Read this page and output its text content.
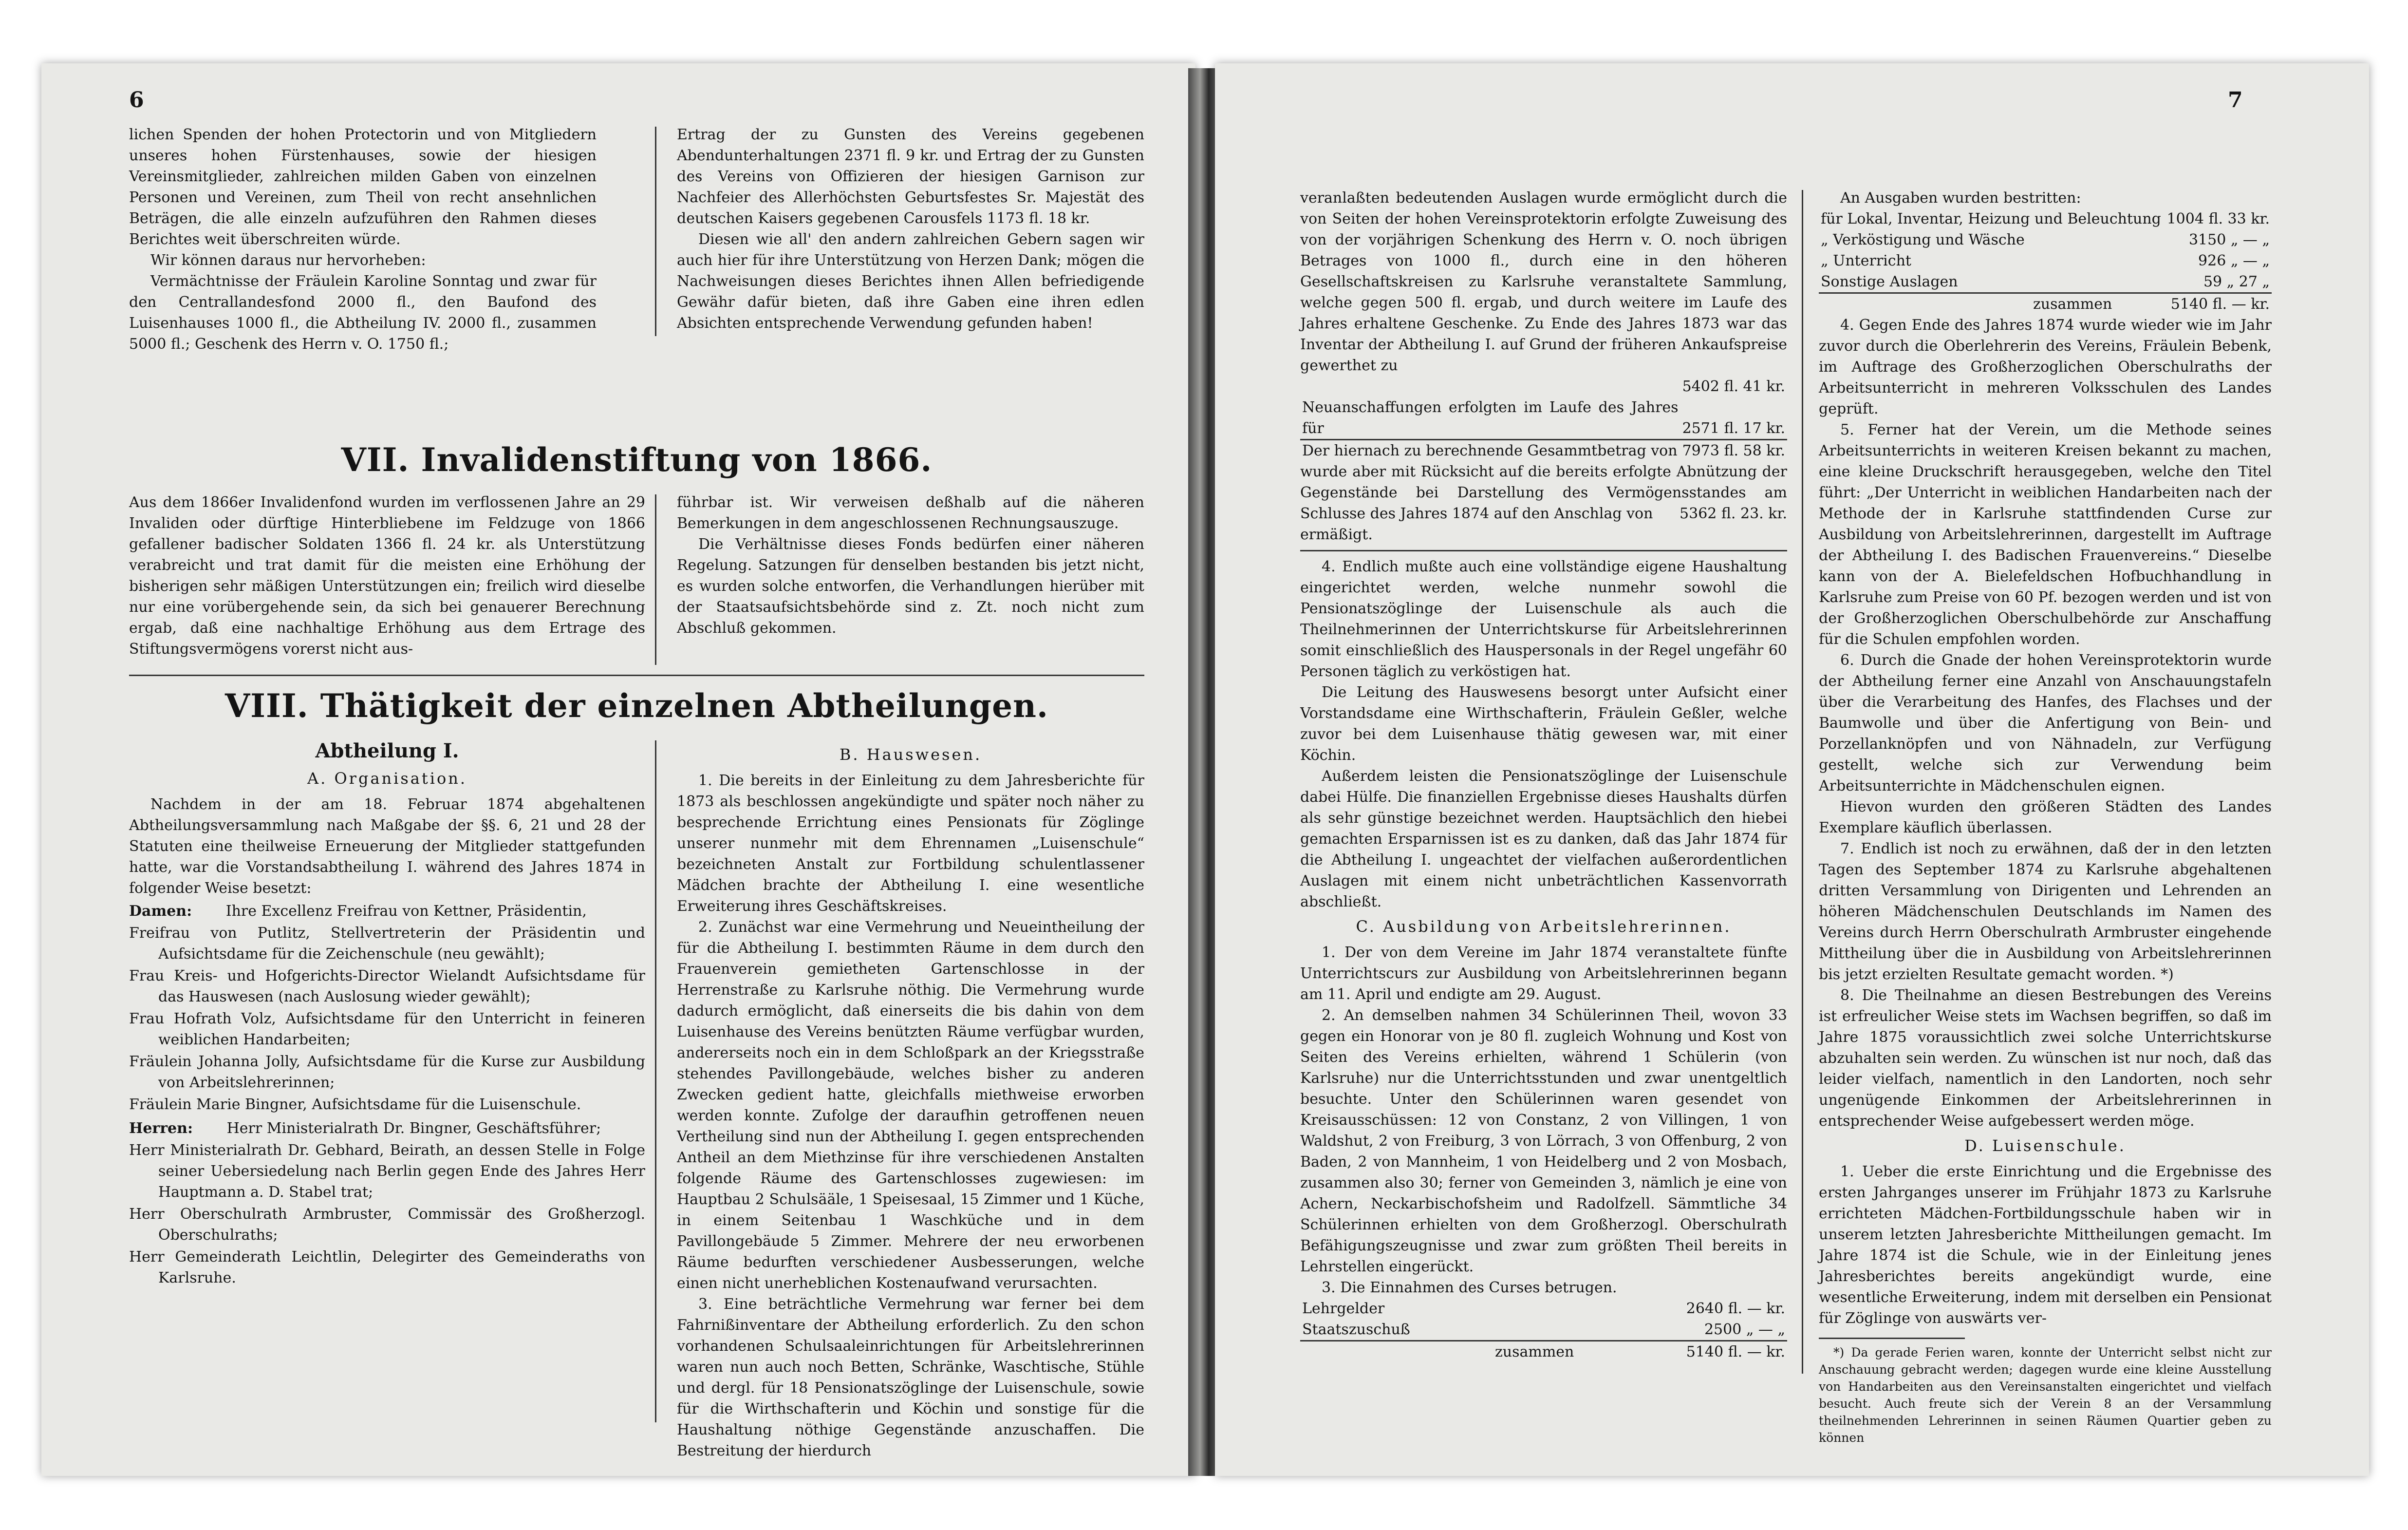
6

lichen Spenden der hohen Protectorin und von Mitgliedern unseres hohen Fürstenhauses, sowie der hiesigen Vereinsmitglieder, zahlreichen milden Gaben von einzelnen Personen und Vereinen, zum Theil von recht ansehnlichen Beträgen, die alle einzeln aufzuführen den Rahmen dieses Berichtes weit überschreiten würde.

Wir können daraus nur hervorheben:

Vermächtnisse der Fräulein Karoline Sonntag und zwar für den Centrallandesfond 2000 fl., den Baufond des Luisenhauses 1000 fl., die Abtheilung IV. 2000 fl., zusammen 5000 fl.; Geschenk des Herrn v. O. 1750 fl.;

Ertrag der zu Gunsten des Vereins gegebenen Abendunterhaltungen 2371 fl. 9 kr. und Ertrag der zu Gunsten des Vereins von Offizieren der hiesigen Garnison zur Nachfeier des Allerhöchsten Geburtsfestes Sr. Majestät des deutschen Kaisers gegebenen Carousfels 1173 fl. 18 kr.

Diesen wie all' den andern zahlreichen Gebern sagen wir auch hier für ihre Unterstützung von Herzen Dank; mögen die Nachweisungen dieses Berichtes ihnen Allen befriedigende Gewähr dafür bieten, daß ihre Gaben eine ihren edlen Absichten entsprechende Verwendung gefunden haben!

VII. Invalidenstiftung von 1866.

Aus dem 1866er Invalidenfond wurden im verflossenen Jahre an 29 Invaliden oder dürftige Hinterbliebene im Feldzuge von 1866 gefallener badischer Soldaten 1366 fl. 24 kr. als Unterstützung verabreicht und trat damit für die meisten eine Erhöhung der bisherigen sehr mäßigen Unterstützungen ein; freilich wird dieselbe nur eine vorübergehende sein, da sich bei genauerer Berechnung ergab, daß eine nachhaltige Erhöhung aus dem Ertrage des Stiftungsvermögens vorerst nicht aus-

führbar ist. Wir verweisen deßhalb auf die näheren Bemerkungen in dem angeschlossenen Rechnungsauszuge.

Die Verhältnisse dieses Fonds bedürfen einer näheren Regelung. Satzungen für denselben bestanden bis jetzt nicht, es wurden solche entworfen, die Verhandlungen hierüber mit der Staatsaufsichtsbehörde sind z. Zt. noch nicht zum Abschluß gekommen.

VIII. Thätigkeit der einzelnen Abtheilungen.
Abtheilung I.
A. Organisation.

Nachdem in der am 18. Februar 1874 abgehaltenen Abtheilungsversammlung nach Maßgabe der §§. 6, 21 und 28 der Statuten eine theilweise Erneuerung der Mitglieder stattgefunden hatte, war die Vorstandsabtheilung I. während des Jahres 1874 in folgender Weise besetzt:

Damen: Ihre Excellenz Freifrau von Kettner, Präsidentin,
Freifrau von Putlitz, Stellvertreterin der Präsidentin und Aufsichtsdame für die Zeichenschule (neu gewählt);
Frau Kreis- und Hofgerichts-Director Wielandt Aufsichtsdame für das Hauswesen (nach Auslosung wieder gewählt);
Frau Hofrath Volz, Aufsichtsdame für den Unterricht in feineren weiblichen Handarbeiten;
Fräulein Johanna Jolly, Aufsichtsdame für die Kurse zur Ausbildung von Arbeitslehrerinnen;
Fräulein Marie Bingner, Aufsichtsdame für die Luisenschule.
Herren: Herr Ministerialrath Dr. Bingner, Geschäftsführer;
Herr Ministerialrath Dr. Gebhard, Beirath, an dessen Stelle in Folge seiner Uebersiedelung nach Berlin gegen Ende des Jahres Herr Hauptmann a. D. Stabel trat;
Herr Oberschulrath Armbruster, Commissär des Großherzogl. Oberschulraths;
Herr Gemeinderath Leichtlin, Delegirter des Gemeinderaths von Karlsruhe.
B. Hauswesen.

1. Die bereits in der Einleitung zu dem Jahresberichte für 1873 als beschlossen angekündigte und später noch näher zu besprechende Errichtung eines Pensionats für Zöglinge unserer nunmehr mit dem Ehrennamen „Luisenschule“ bezeichneten Anstalt zur Fortbildung schulentlassener Mädchen brachte der Abtheilung I. eine wesentliche Erweiterung ihres Geschäftskreises.

2. Zunächst war eine Vermehrung und Neueintheilung der für die Abtheilung I. bestimmten Räume in dem durch den Frauenverein gemietheten Gartenschlosse in der Herrenstraße zu Karlsruhe nöthig. Die Vermehrung wurde dadurch ermöglicht, daß einerseits die bis dahin von dem Luisenhause des Vereins benützten Räume verfügbar wurden, andererseits noch ein in dem Schloßpark an der Kriegsstraße stehendes Pavillongebäude, welches bisher zu anderen Zwecken gedient hatte, gleichfalls miethweise erworben werden konnte. Zufolge der daraufhin getroffenen neuen Vertheilung sind nun der Abtheilung I. gegen entsprechenden Antheil an dem Miethzinse für ihre verschiedenen Anstalten folgende Räume des Gartenschlosses zugewiesen: im Hauptbau 2 Schulsääle, 1 Speisesaal, 15 Zimmer und 1 Küche, in einem Seitenbau 1 Waschküche und in dem Pavillongebäude 5 Zimmer. Mehrere der neu erworbenen Räume bedurften verschiedener Ausbesserungen, welche einen nicht unerheblichen Kostenaufwand verursachten.

3. Eine beträchtliche Vermehrung war ferner bei dem Fahrnißinventare der Abtheilung erforderlich. Zu den schon vorhandenen Schulsaaleinrichtungen für Arbeitslehrerinnen waren nun auch noch Betten, Schränke, Waschtische, Stühle und dergl. für 18 Pensionatszöglinge der Luisenschule, sowie für die Wirthschafterin und Köchin und sonstige für die Haushaltung nöthige Gegenstände anzuschaffen. Die Bestreitung der hierdurch

7

veranlaßten bedeutenden Auslagen wurde ermöglicht durch die von Seiten der hohen Vereinsprotektorin erfolgte Zuweisung des von der vorjährigen Schenkung des Herrn v. O. noch übrigen Betrages von 1000 fl., durch eine in den höheren Gesellschaftskreisen zu Karlsruhe veranstaltete Sammlung, welche gegen 500 fl. ergab, und durch weitere im Laufe des Jahres erhaltene Geschenke. Zu Ende des Jahres 1873 war das Inventar der Abtheilung I. auf Grund der früheren Ankaufspreise gewerthet zu

	5402 fl. 41 kr.
Neuanschaffungen erfolgten im Laufe des Jahres für	2571 fl. 17 kr.
Der hiernach zu berechnende Gesammtbetrag von	7973 fl. 58 kr.

wurde aber mit Rücksicht auf die bereits erfolgte Abnützung der Gegenstände bei Darstellung des Vermögensstandes am Schlusse des Jahres 1874 auf den Anschlag von 5362 fl. 23. kr.

ermäßigt.

4. Endlich mußte auch eine vollständige eigene Haushaltung eingerichtet werden, welche nunmehr sowohl die Pensionatszöglinge der Luisenschule als auch die Theilnehmerinnen der Unterrichtskurse für Arbeitslehrerinnen somit einschließlich des Hauspersonals in der Regel ungefähr 60 Personen täglich zu verköstigen hat.

Die Leitung des Hauswesens besorgt unter Aufsicht einer Vorstandsdame eine Wirthschafterin, Fräulein Geßler, welche zuvor bei dem Luisenhause thätig gewesen war, mit einer Köchin.

Außerdem leisten die Pensionatszöglinge der Luisenschule dabei Hülfe. Die finanziellen Ergebnisse dieses Haushalts dürfen als sehr günstige bezeichnet werden. Hauptsächlich den hiebei gemachten Ersparnissen ist es zu danken, daß das Jahr 1874 für die Abtheilung I. ungeachtet der vielfachen außerordentlichen Auslagen mit einem nicht unbeträchtlichen Kassenvorrath abschließt.

C. Ausbildung von Arbeitslehrerinnen.

1. Der von dem Vereine im Jahr 1874 veranstaltete fünfte Unterrichtscurs zur Ausbildung von Arbeitslehrerinnen begann am 11. April und endigte am 29. August.

2. An demselben nahmen 34 Schülerinnen Theil, wovon 33 gegen ein Honorar von je 80 fl. zugleich Wohnung und Kost von Seiten des Vereins erhielten, während 1 Schülerin (von Karlsruhe) nur die Unterrichtsstunden und zwar unentgeltlich besuchte. Unter den Schülerinnen waren gesendet von Kreisausschüssen: 12 von Constanz, 2 von Villingen, 1 von Waldshut, 2 von Freiburg, 3 von Lörrach, 3 von Offenburg, 2 von Baden, 2 von Mannheim, 1 von Heidelberg und 2 von Mosbach, zusammen also 30; ferner von Gemeinden 3, nämlich je eine von Achern, Neckarbischofsheim und Radolfzell. Sämmtliche 34 Schülerinnen erhielten von dem Großherzogl. Oberschulrath Befähigungszeugnisse und zwar zum größten Theil bereits in Lehrstellen eingerückt.

3. Die Einnahmen des Curses betrugen.

Lehrgelder	2640 fl. — kr.
Staatszuschuß	2500 „ — „
zusammen	5140 fl. — kr.

An Ausgaben wurden bestritten:

für Lokal, Inventar, Heizung und Beleuchtung	1004 fl. 33 kr.
„ Verköstigung und Wäsche	3150 „ — „
„ Unterricht	926 „ — „
Sonstige Auslagen	59 „ 27 „
zusammen	5140 fl. — kr.

4. Gegen Ende des Jahres 1874 wurde wieder wie im Jahr zuvor durch die Oberlehrerin des Vereins, Fräulein Bebenk, im Auftrage des Großherzoglichen Oberschulraths der Arbeitsunterricht in mehreren Volksschulen des Landes geprüft.

5. Ferner hat der Verein, um die Methode seines Arbeitsunterrichts in weiteren Kreisen bekannt zu machen, eine kleine Druckschrift herausgegeben, welche den Titel führt: „Der Unterricht in weiblichen Handarbeiten nach der Methode der in Karlsruhe stattfindenden Curse zur Ausbildung von Arbeitslehrerinnen, dargestellt im Auftrage der Abtheilung I. des Badischen Frauenvereins.“ Dieselbe kann von der A. Bielefeldschen Hofbuchhandlung in Karlsruhe zum Preise von 60 Pf. bezogen werden und ist von der Großherzoglichen Oberschulbehörde zur Anschaffung für die Schulen empfohlen worden.

6. Durch die Gnade der hohen Vereinsprotektorin wurde der Abtheilung ferner eine Anzahl von Anschauungstafeln über die Verarbeitung des Hanfes, des Flachses und der Baumwolle und über die Anfertigung von Bein- und Porzellanknöpfen und von Nähnadeln, zur Verfügung gestellt, welche sich zur Verwendung beim Arbeitsunterrichte in Mädchenschulen eignen.

Hievon wurden den größeren Städten des Landes Exemplare käuflich überlassen.

7. Endlich ist noch zu erwähnen, daß der in den letzten Tagen des September 1874 zu Karlsruhe abgehaltenen dritten Versammlung von Dirigenten und Lehrenden an höheren Mädchenschulen Deutschlands im Namen des Vereins durch Herrn Oberschulrath Armbruster eingehende Mittheilung über die in Ausbildung von Arbeitslehrerinnen bis jetzt erzielten Resultate gemacht worden. *)

8. Die Theilnahme an diesen Bestrebungen des Vereins ist erfreulicher Weise stets im Wachsen begriffen, so daß im Jahre 1875 voraussichtlich zwei solche Unterrichtskurse abzuhalten sein werden. Zu wünschen ist nur noch, daß das leider vielfach, namentlich in den Landorten, noch sehr ungenügende Einkommen der Arbeitslehrerinnen in entsprechender Weise aufgebessert werden möge.

D. Luisenschule.

1. Ueber die erste Einrichtung und die Ergebnisse des ersten Jahrganges unserer im Frühjahr 1873 zu Karlsruhe errichteten Mädchen-Fortbildungsschule haben wir in unserem letzten Jahresberichte Mittheilungen gemacht. Im Jahre 1874 ist die Schule, wie in der Einleitung jenes Jahresberichtes bereits angekündigt wurde, eine wesentliche Erweiterung, indem mit derselben ein Pensionat für Zöglinge von auswärts ver-

*) Da gerade Ferien waren, konnte der Unterricht selbst nicht zur Anschauung gebracht werden; dagegen wurde eine kleine Ausstellung von Handarbeiten aus den Vereinsanstalten eingerichtet und vielfach besucht. Auch freute sich der Verein 8 an der Versammlung theilnehmenden Lehrerinnen in seinen Räumen Quartier geben zu können
